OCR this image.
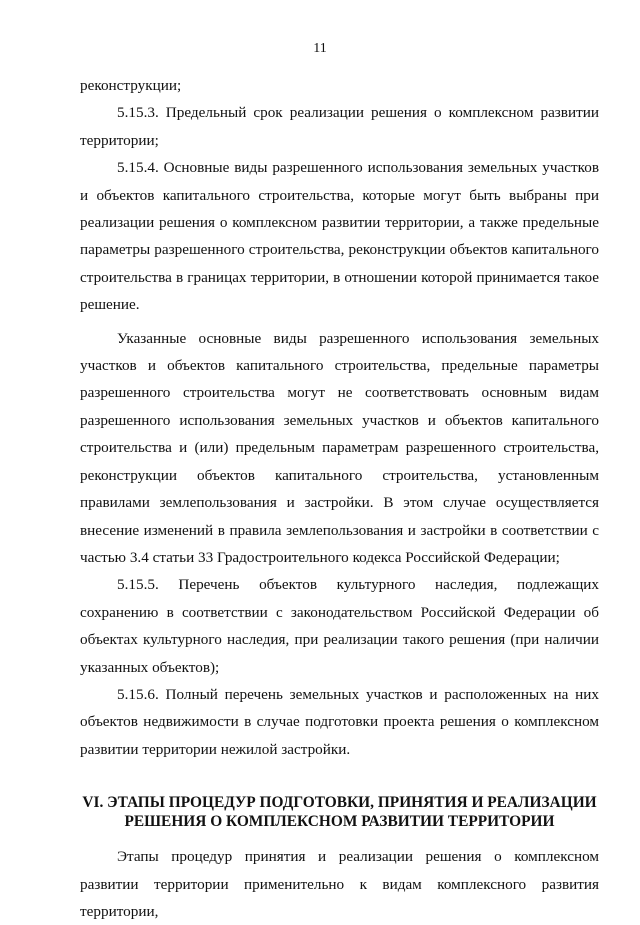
11

реконструкции;

5.15.3. Предельный срок реализации решения о комплексном развитии территории;

5.15.4. Основные виды разрешенного использования земельных участков и объектов капитального строительства, которые могут быть выбраны при реализации решения о комплексном развитии территории, а также предельные параметры разрешенного строительства, реконструкции объектов капитального строительства в границах территории, в отношении которой принимается такое решение.

Указанные основные виды разрешенного использования земельных участков и объектов капитального строительства, предельные параметры разрешенного строительства могут не соответствовать основным видам разрешенного использования земельных участков и объектов капитального строительства и (или) предельным параметрам разрешенного строительства, реконструкции объектов капитального строительства, установленным правилами землепользования и застройки. В этом случае осуществляется внесение изменений в правила землепользования и застройки в соответствии с частью 3.4 статьи 33 Градостроительного кодекса Российской Федерации;

5.15.5. Перечень объектов культурного наследия, подлежащих сохранению в соответствии с законодательством Российской Федерации об объектах культурного наследия, при реализации такого решения (при наличии указанных объектов);

5.15.6. Полный перечень земельных участков и расположенных на них объектов недвижимости в случае подготовки проекта решения о комплексном развитии территории нежилой застройки.

VI. ЭТАПЫ ПРОЦЕДУР ПОДГОТОВКИ, ПРИНЯТИЯ И РЕАЛИЗАЦИИ
РЕШЕНИЯ О КОМПЛЕКСНОМ РАЗВИТИИ ТЕРРИТОРИИ

Этапы процедур принятия и реализации решения о комплексном развитии территории применительно к видам комплексного развития территории,
